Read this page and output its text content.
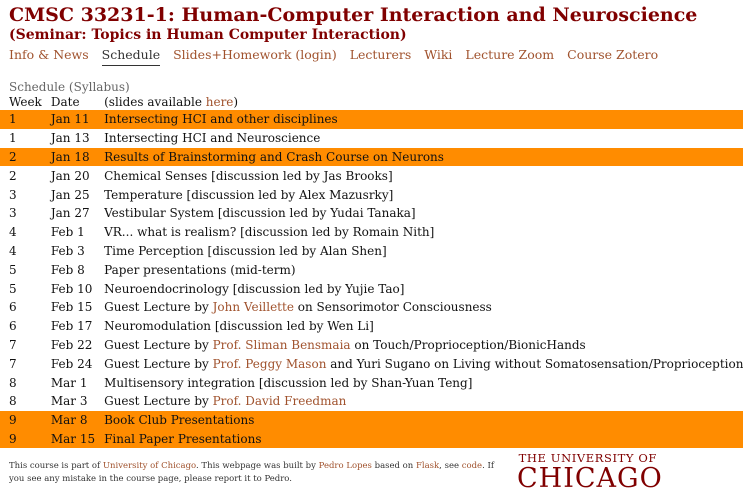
CMSC 33231-1: Human-Computer Interaction and Neuroscience
(Seminar: Topics in Human Computer Interaction)
Info & News Schedule Slides+Homework (login) Lecturers Wiki Lecture Zoom Course Zotero
Schedule (Syllabus)
Week	Date	(slides available here)
1	Jan 11	Intersecting HCI and other disciplines
1	Jan 13	Intersecting HCI and Neuroscience
2	Jan 18	Results of Brainstorming and Crash Course on Neurons
2	Jan 20	Chemical Senses [discussion led by Jas Brooks]
3	Jan 25	Temperature [discussion led by Alex Mazusrky]
3	Jan 27	Vestibular System [discussion led by Yudai Tanaka]
4	Feb 1	VR... what is realism? [discussion led by Romain Nith]
4	Feb 3	Time Perception [discussion led by Alan Shen]
5	Feb 8	Paper presentations (mid-term)
5	Feb 10	Neuroendocrinology [discussion led by Yujie Tao]
6	Feb 15	Guest Lecture by John Veillette on Sensorimotor Consciousness
6	Feb 17	Neuromodulation [discussion led by Wen Li]
7	Feb 22	Guest Lecture by Prof. Sliman Bensmaia on Touch/Proprioception/BionicHands
7	Feb 24	Guest Lecture by Prof. Peggy Mason and Yuri Sugano on Living without Somatosensation/Proprioception
8	Mar 1	Multisensory integration [discussion led by Shan-Yuan Teng]
8	Mar 3	Guest Lecture by Prof. David Freedman
9	Mar 8	Book Club Presentations
9	Mar 15	Final Paper Presentations
This course is part of University of Chicago. This webpage was built by Pedro Lopes based on Flask, see code. If you see any mistake in the course page, please report it to Pedro.
THE UNIVERSITY OF
CHICAGO
